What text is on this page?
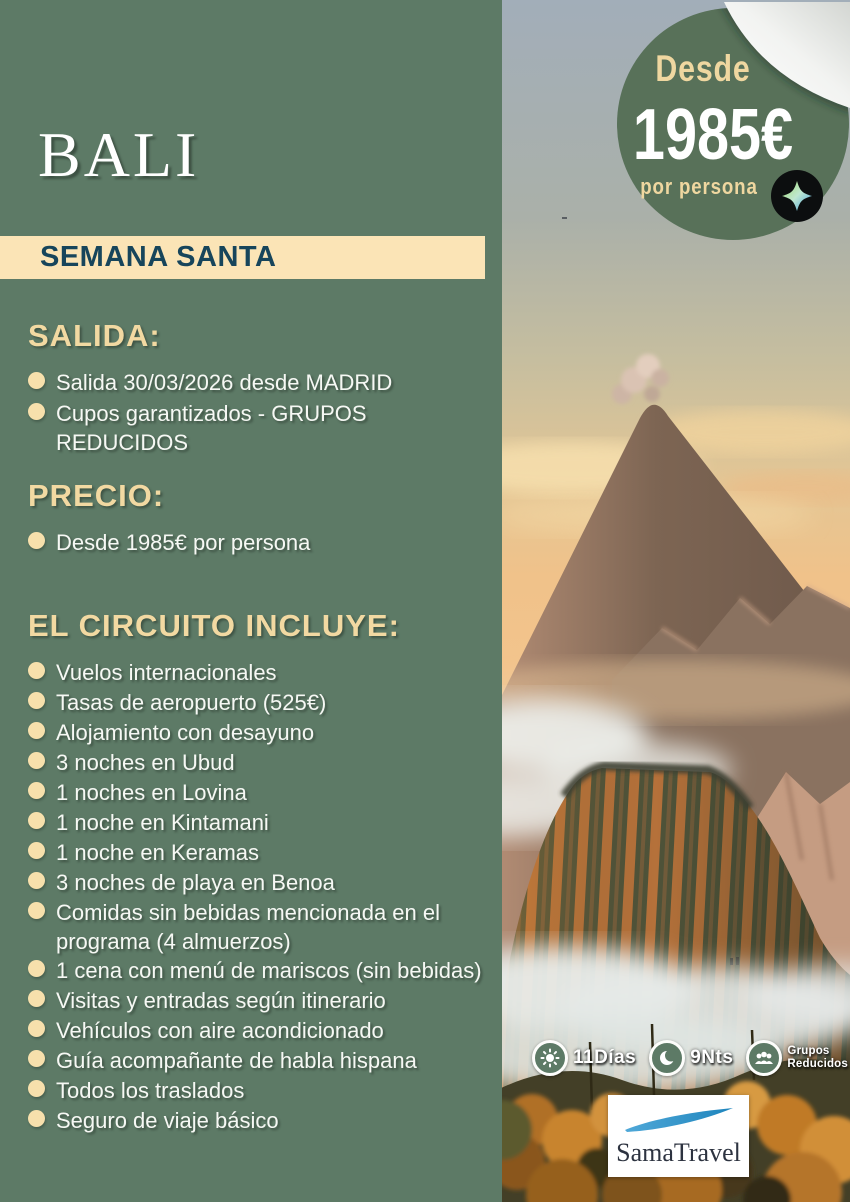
11Días	9Nts	Grupos Reducidos
SamaTravel
BALI
SEMANA SANTA
SALIDA:
Salida 30/03/2026 desde MADRID
Cupos garantizados - GRUPOS REDUCIDOS
PRECIO:
Desde 1985€ por persona
EL CIRCUITO INCLUYE:
Vuelos internacionales
Tasas de aeropuerto (525€)
Alojamiento con desayuno
3 noches en Ubud
1 noches en Lovina
1 noche en Kintamani
1 noche en Keramas
3 noches de playa en Benoa
Comidas sin bebidas mencionada en el programa (4 almuerzos)
1 cena con menú de mariscos (sin bebidas)
Visitas y entradas según itinerario
Vehículos con aire acondicionado
Guía acompañante de habla hispana
Todos los traslados
Seguro de viaje básico
Desde
1985€
por persona
